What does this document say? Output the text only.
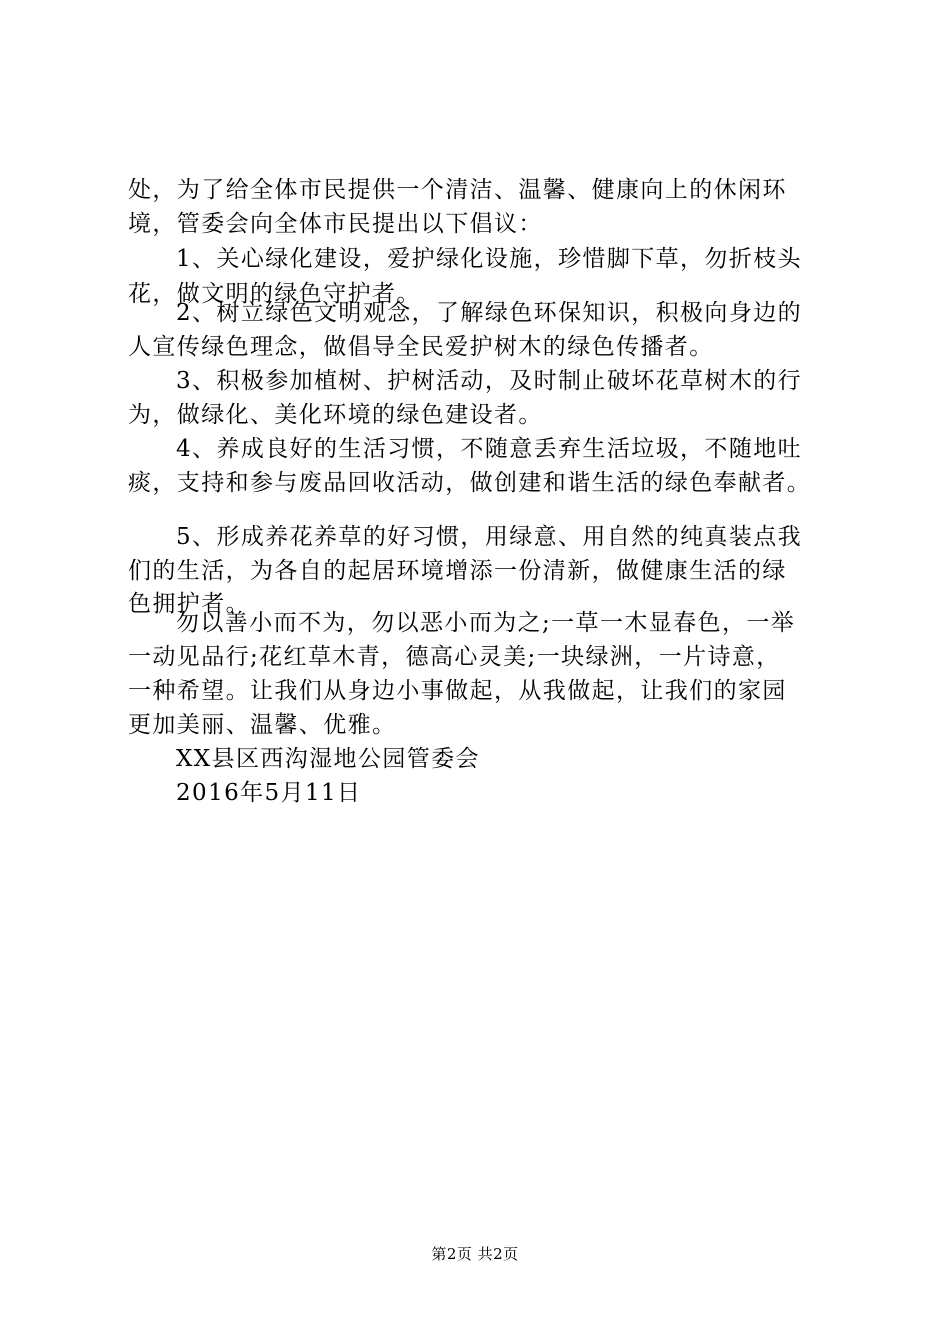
处，为了给全体市民提供一个清洁、温馨、健康向上的休闲环
境，管委会向全体市民提出以下倡议：
1、关心绿化建设，爱护绿化设施，珍惜脚下草，勿折枝头
花，做文明的绿色守护者。
2、树立绿色文明观念，了解绿色环保知识，积极向身边的
人宣传绿色理念，做倡导全民爱护树木的绿色传播者。
3、积极参加植树、护树活动，及时制止破坏花草树木的行
为，做绿化、美化环境的绿色建设者。
4、养成良好的生活习惯，不随意丢弃生活垃圾，不随地吐
痰，支持和参与废品回收活动，做创建和谐生活的绿色奉献者。
5、形成养花养草的好习惯，用绿意、用自然的纯真装点我
们的生活，为各自的起居环境增添一份清新，做健康生活的绿
色拥护者。
勿以善小而不为，勿以恶小而为之;一草一木显春色，一举
一动见品行;花红草木青，德高心灵美;一块绿洲，一片诗意，
一种希望。让我们从身边小事做起，从我做起，让我们的家园
更加美丽、温馨、优雅。
XX县区西沟湿地公园管委会
2016年5月11日
第2页 共2页
